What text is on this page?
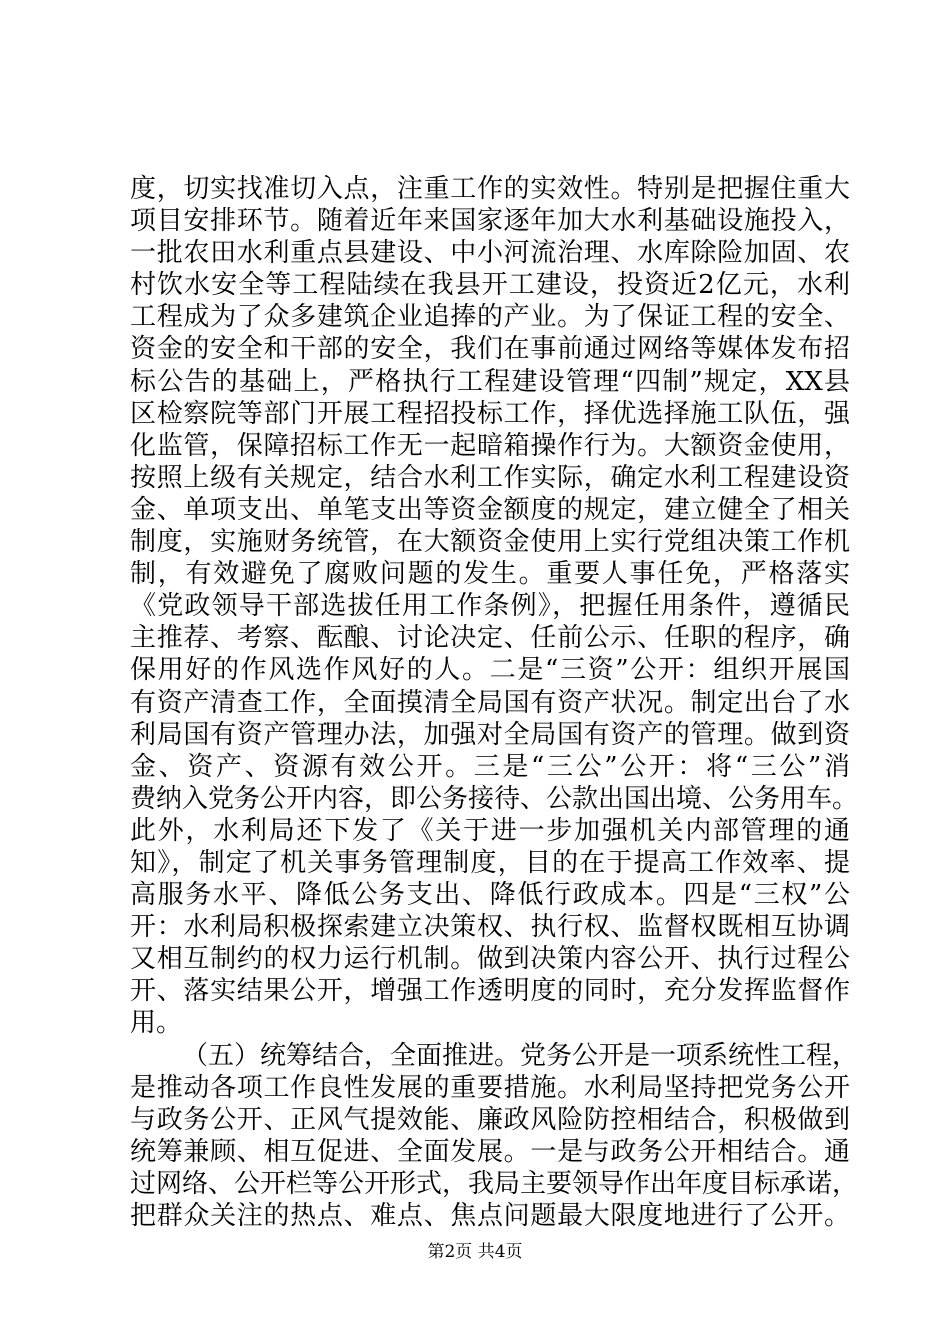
度，切实找准切入点，注重工作的实效性。特别是把握住重大
项目安排环节。随着近年来国家逐年加大水利基础设施投入，
一批农田水利重点县建设、中小河流治理、水库除险加固、农
村饮水安全等工程陆续在我县开工建设，投资近2亿元，水利
工程成为了众多建筑企业追捧的产业。为了保证工程的安全、
资金的安全和干部的安全，我们在事前通过网络等媒体发布招
标公告的基础上，严格执行工程建设管理“四制”规定，XX县
区检察院等部门开展工程招投标工作，择优选择施工队伍，强
化监管，保障招标工作无一起暗箱操作行为。大额资金使用，
按照上级有关规定，结合水利工作实际，确定水利工程建设资
金、单项支出、单笔支出等资金额度的规定，建立健全了相关
制度，实施财务统管，在大额资金使用上实行党组决策工作机
制，有效避免了腐败问题的发生。重要人事任免，严格落实
《党政领导干部选拔任用工作条例》，把握任用条件，遵循民
主推荐、考察、酝酿、讨论决定、任前公示、任职的程序，确
保用好的作风选作风好的人。二是“三资”公开：组织开展国
有资产清查工作，全面摸清全局国有资产状况。制定出台了水
利局国有资产管理办法，加强对全局国有资产的管理。做到资
金、资产、资源有效公开。三是“三公”公开：将“三公”消
费纳入党务公开内容，即公务接待、公款出国出境、公务用车。
此外，水利局还下发了《关于进一步加强机关内部管理的通
知》，制定了机关事务管理制度，目的在于提高工作效率、提
高服务水平、降低公务支出、降低行政成本。四是“三权”公
开：水利局积极探索建立决策权、执行权、监督权既相互协调
又相互制约的权力运行机制。做到决策内容公开、执行过程公
开、落实结果公开，增强工作透明度的同时，充分发挥监督作
用。
（五）统筹结合，全面推进。党务公开是一项系统性工程，
是推动各项工作良性发展的重要措施。水利局坚持把党务公开
与政务公开、正风气提效能、廉政风险防控相结合，积极做到
统筹兼顾、相互促进、全面发展。一是与政务公开相结合。通
过网络、公开栏等公开形式，我局主要领导作出年度目标承诺，
把群众关注的热点、难点、焦点问题最大限度地进行了公开。
第2页 共4页
